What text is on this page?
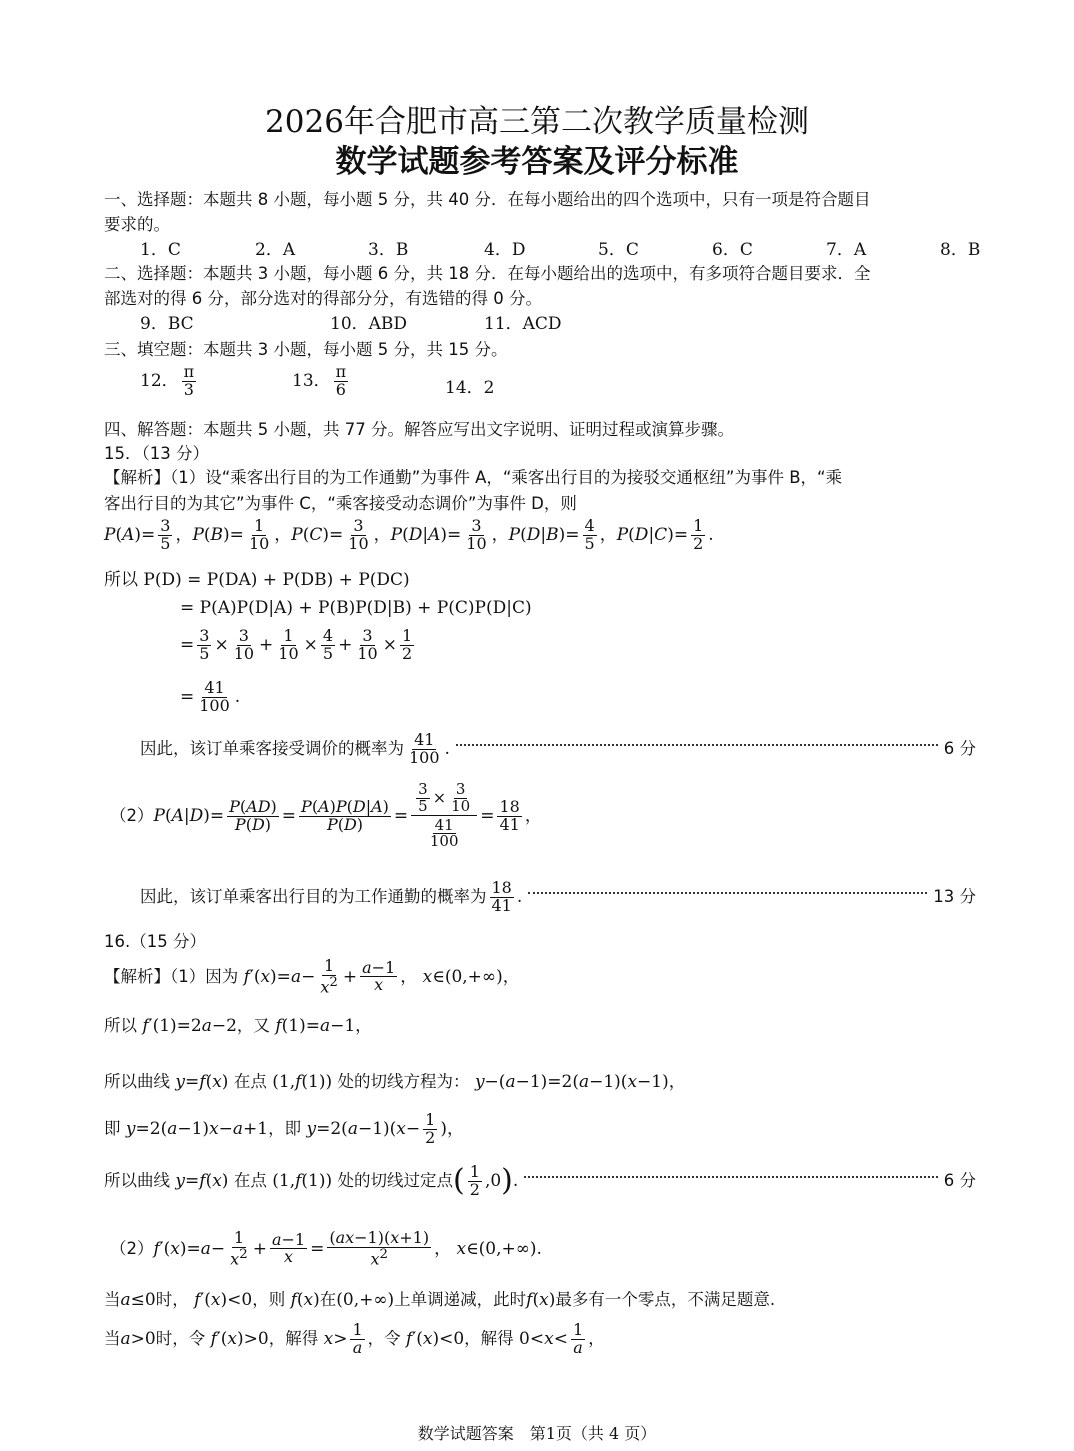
2026年合肥市高三第二次教学质量检测
数学试题参考答案及评分标准
一、选择题：本题共 8 小题，每小题 5 分，共 40 分．在每小题给出的四个选项中，只有一项是符合题目
要求的。
1．C	2．A	3．B	4．D	5．C	6．C	7．A	8．B
二、选择题：本题共 3 小题，每小题 6 分，共 18 分．在每小题给出的选项中，有多项符合题目要求．全
部选对的得 6 分，部分选对的得部分分，有选错的得 0 分。
9．BC	10．ABD	11．ACD
三、填空题：本题共 3 小题，每小题 5 分，共 15 分。
12． $\frac{\pi}{3}$	13． $\frac{\pi}{6}$	14．2
四、解答题：本题共 5 小题，共 77 分。解答应写出文字说明、证明过程或演算步骤。
15．（13 分）
【解析】（1）设“乘客出行目的为工作通勤”为事件 A，“乘客出行目的为接驳交通枢纽”为事件 B，“乘
客出行目的为其它”为事件 C，“乘客接受动态调价”为事件 D，则
P ( A )= $\frac{3}{5}$ ， P ( B )= $\frac{1}{10}$ ， P ( C )= $\frac{3}{10}$ ， P ( D | A )= $\frac{3}{10}$ ， P ( D | B )= $\frac{4}{5}$ ， P ( D | C )= $\frac{1}{2}$ .
所以 P(D) = P(DA) + P(DB) + P(DC)
= P(A)P(D|A) + P(B)P(D|B) + P(C)P(D|C)
= $\frac{3}{5} \times \frac{3}{10} + \frac{1}{10} \times \frac{4}{5} + \frac{3}{10} \times \frac{1}{2}$
= $\frac{41}{100}$ .
因此，该订单乘客接受调价的概率为 $\frac{41}{100}$ .	6 分
（2） P ( A | D )= $\frac{P(AD)}{P(D)} = \frac{P(A)P(D|A)}{P(D)} = \frac{\frac{3}{5} \times \frac{3}{10}}{\frac{41}{100}} = \frac{18}{41}$ ，
因此，该订单乘客出行目的为工作通勤的概率为 $\frac{18}{41}$ .	13 分
16.（15 分）
【解析】（1）因为
f ′( x )= $a - \frac{1}{x^2} + \frac{a-1}{x}$ ， x ∈(0,+∞)，
所以
f ′(1)=2 a −2 ，又
f (1)= a −1，
所以曲线
y = f ( x ) 在点 (1, f (1)) 处的切线方程为：
y −( a −1)=2( a −1)( x −1)，
即
y =2( a −1) x − a +1 ，即
y =2( a −1)( $x - \frac{1}{2}$ )，
所以曲线
y = f ( x ) 在点 (1, f (1)) 处的切线过定点 ( $\frac{1}{2} ,0$ ) .	6 分
（2） f ′( x )= $a - \frac{1}{x^2} + \frac{a-1}{x} = \frac{(ax-1)(x+1)}{x^2}$ ， x ∈(0,+∞).
当 a ≤0 时，
f ′( x )<0 ，则
f ( x ) 在 (0,+∞) 上单调递减，此时 f ( x ) 最多有一个零点，不满足题意.
当 a >0 时，令
f ′( x )>0 ，解得
$x > \frac{1}{a}$ ，令
f ′( x )<0 ，解得 $0< x < \frac{1}{a}$ ，
数学试题答案　第1页（共 4 页）
